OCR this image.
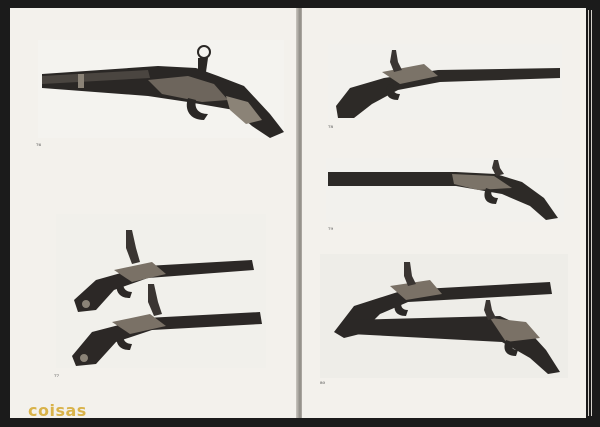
76

77

coisas

78

79

80
